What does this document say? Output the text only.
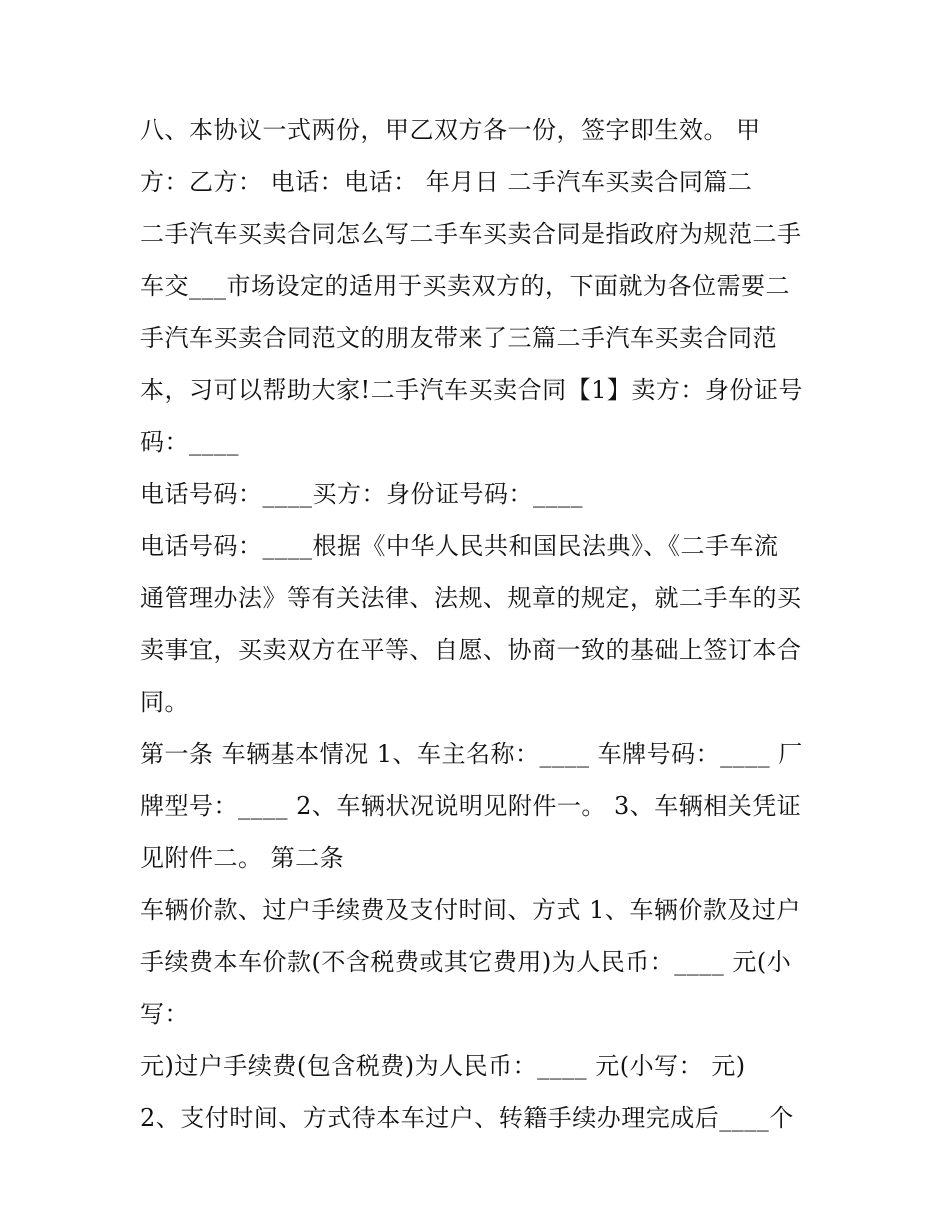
八、本协议一式两份，甲乙双方各一份，签字即生效。 甲
方：乙方： 电话：电话： 年月日 二手汽车买卖合同篇二
二手汽车买卖合同怎么写二手车买卖合同是指政府为规范二手
车交___市场设定的适用于买卖双方的，下面就为各位需要二
手汽车买卖合同范文的朋友带来了三篇二手汽车买卖合同范
本，习可以帮助大家!二手汽车买卖合同【1】卖方：身份证号
码：____
电话号码：____买方：身份证号码：____
电话号码：____根据《中华人民共和国民法典》、《二手车流
通管理办法》等有关法律、法规、规章的规定，就二手车的买
卖事宜，买卖双方在平等、自愿、协商一致的基础上签订本合
同。
第一条 车辆基本情况 1、车主名称：____ 车牌号码：____ 厂
牌型号：____ 2、车辆状况说明见附件一。 3、车辆相关凭证
见附件二。 第二条
车辆价款、过户手续费及支付时间、方式 1、车辆价款及过户
手续费本车价款(不含税费或其它费用)为人民币：____ 元(小
写：
元)过户手续费(包含税费)为人民币：____ 元(小写： 元)
2、支付时间、方式待本车过户、转籍手续办理完成后____个
